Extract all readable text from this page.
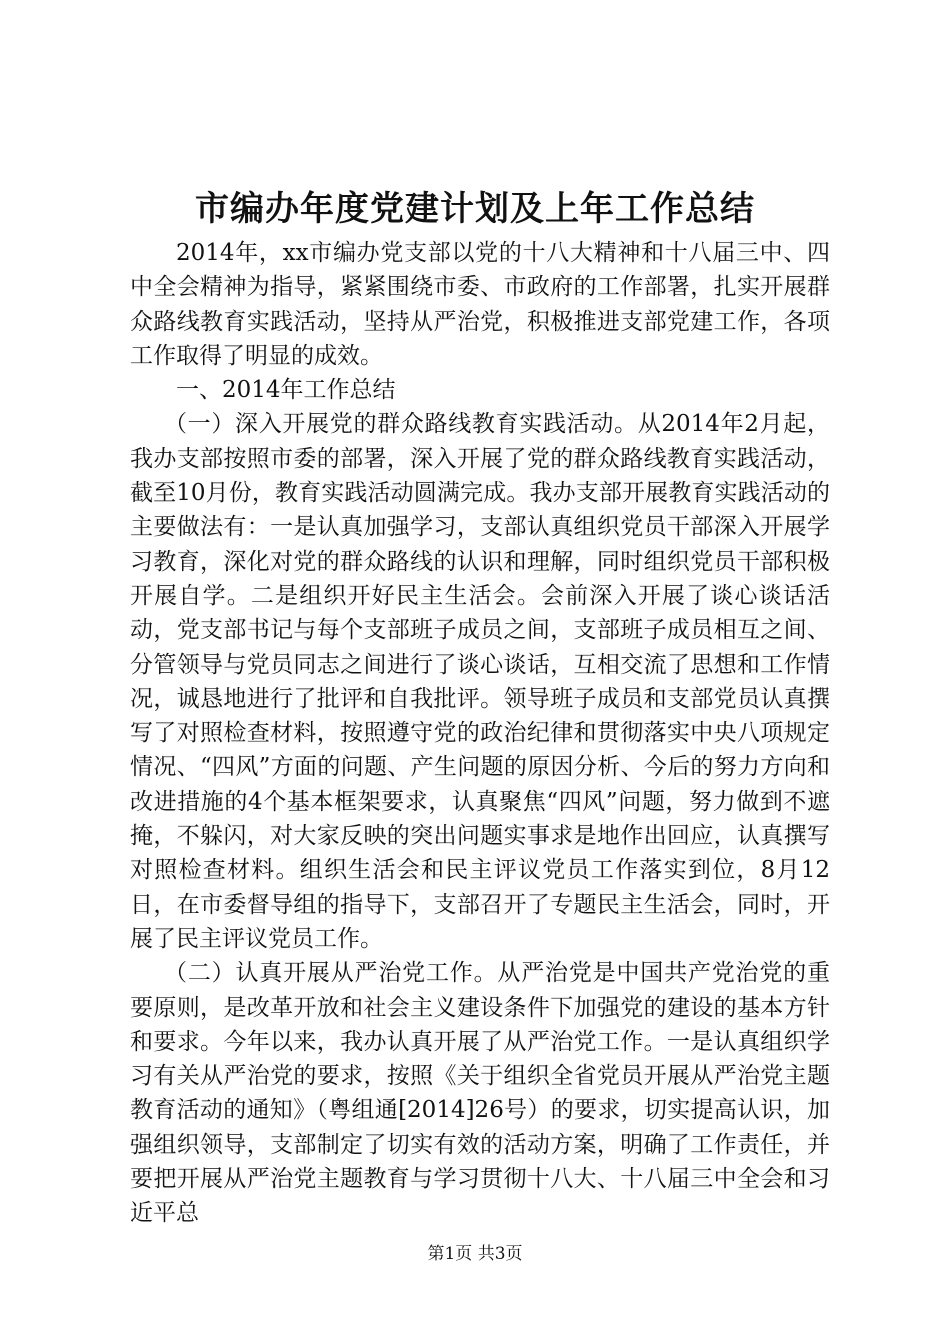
市编办年度党建计划及上年工作总结

2014年，xx市编办党支部以党的十八大精神和十八届三中、四中全会精神为指导，紧紧围绕市委、市政府的工作部署，扎实开展群众路线教育实践活动，坚持从严治党，积极推进支部党建工作，各项工作取得了明显的成效。

一、2014年工作总结

（一）深入开展党的群众路线教育实践活动。从2014年2月起，我办支部按照市委的部署，深入开展了党的群众路线教育实践活动，截至10月份，教育实践活动圆满完成。我办支部开展教育实践活动的主要做法有：一是认真加强学习，支部认真组织党员干部深入开展学习教育，深化对党的群众路线的认识和理解，同时组织党员干部积极开展自学。二是组织开好民主生活会。会前深入开展了谈心谈话活动，党支部书记与每个支部班子成员之间，支部班子成员相互之间、分管领导与党员同志之间进行了谈心谈话，互相交流了思想和工作情况，诚恳地进行了批评和自我批评。领导班子成员和支部党员认真撰写了对照检查材料，按照遵守党的政治纪律和贯彻落实中央八项规定情况、“四风”方面的问题、产生问题的原因分析、今后的努力方向和改进措施的4个基本框架要求，认真聚焦“四风”问题，努力做到不遮掩，不躲闪，对大家反映的突出问题实事求是地作出回应，认真撰写对照检查材料。组织生活会和民主评议党员工作落实到位，8月12日，在市委督导组的指导下，支部召开了专题民主生活会，同时，开展了民主评议党员工作。

（二）认真开展从严治党工作。从严治党是中国共产党治党的重要原则，是改革开放和社会主义建设条件下加强党的建设的基本方针和要求。今年以来，我办认真开展了从严治党工作。一是认真组织学习有关从严治党的要求，按照《关于组织全省党员开展从严治党主题教育活动的通知》（粤组通[2014]26号）的要求，切实提高认识，加强组织领导，支部制定了切实有效的活动方案，明确了工作责任，并要把开展从严治党主题教育与学习贯彻十八大、十八届三中全会和习近平总

第1页 共3页
